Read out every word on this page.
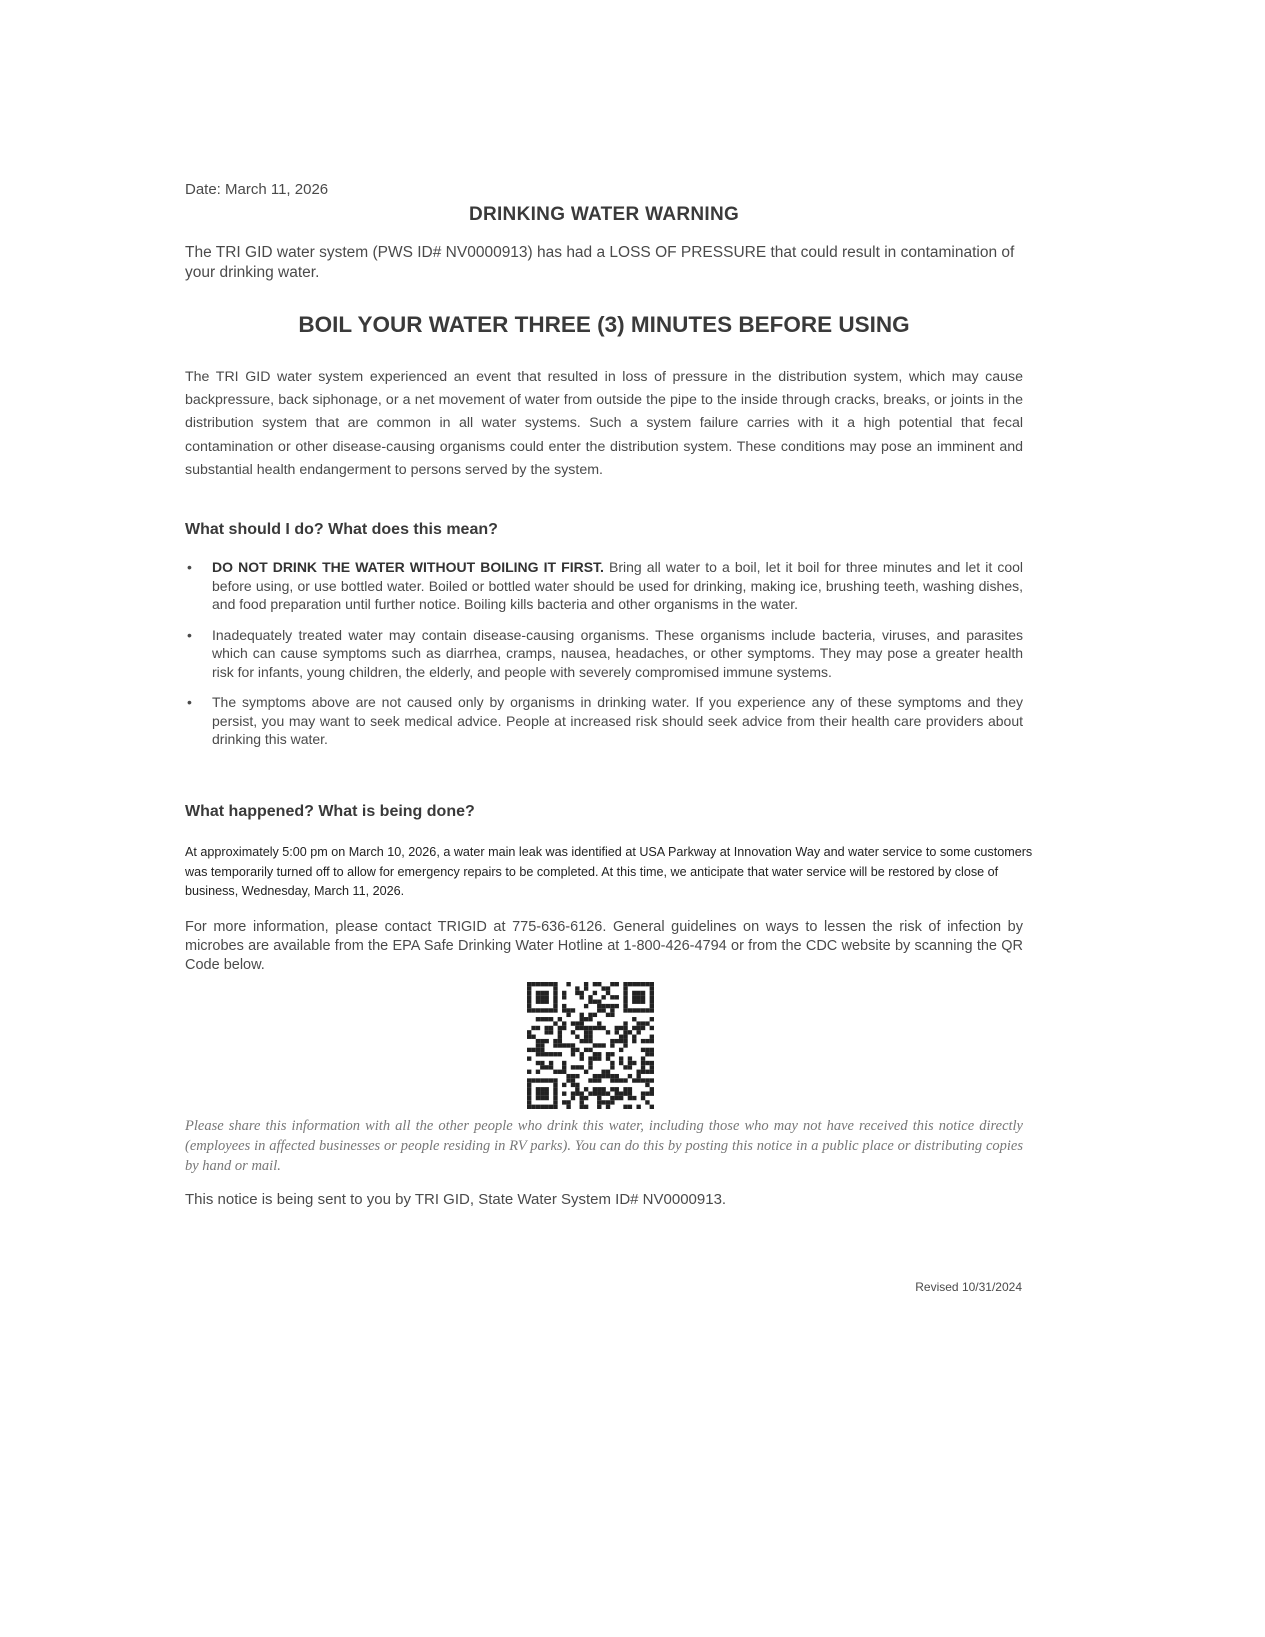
Date: March 11, 2026

DRINKING WATER WARNING

The TRI GID water system (PWS ID# NV0000913) has had a LOSS OF PRESSURE that could result in contamination of your drinking water.

BOIL YOUR WATER THREE (3) MINUTES BEFORE USING

The TRI GID water system experienced an event that resulted in loss of pressure in the distribution system, which may cause backpressure, back siphonage, or a net movement of water from outside the pipe to the inside through cracks, breaks, or joints in the distribution system that are common in all water systems. Such a system failure carries with it a high potential that fecal contamination or other disease-causing organisms could enter the distribution system. These conditions may pose an imminent and substantial health endangerment to persons served by the system.

What should I do? What does this mean?

• DO NOT DRINK THE WATER WITHOUT BOILING IT FIRST. Bring all water to a boil, let it boil for three minutes and let it cool before using, or use bottled water. Boiled or bottled water should be used for drinking, making ice, brushing teeth, washing dishes, and food preparation until further notice. Boiling kills bacteria and other organisms in the water.
• Inadequately treated water may contain disease-causing organisms. These organisms include bacteria, viruses, and parasites which can cause symptoms such as diarrhea, cramps, nausea, headaches, or other symptoms. They may pose a greater health risk for infants, young children, the elderly, and people with severely compromised immune systems.
• The symptoms above are not caused only by organisms in drinking water. If you experience any of these symptoms and they persist, you may want to seek medical advice. People at increased risk should seek advice from their health care providers about drinking this water.

What happened? What is being done?

At approximately 5:00 pm on March 10, 2026, a water main leak was identified at USA Parkway at Innovation Way and water service to some customers was temporarily turned off to allow for emergency repairs to be completed. At this time, we anticipate that water service will be restored by close of business, Wednesday, March 11, 2026.

For more information, please contact TRIGID at 775-636-6126. General guidelines on ways to lessen the risk of infection by microbes are available from the EPA Safe Drinking Water Hotline at 1-800-426-4794 or from the CDC website by scanning the QR Code below.

Please share this information with all the other people who drink this water, including those who may not have received this notice directly (employees in affected businesses or people residing in RV parks). You can do this by posting this notice in a public place or distributing copies by hand or mail.

This notice is being sent to you by TRI GID, State Water System ID# NV0000913.

Revised 10/31/2024
